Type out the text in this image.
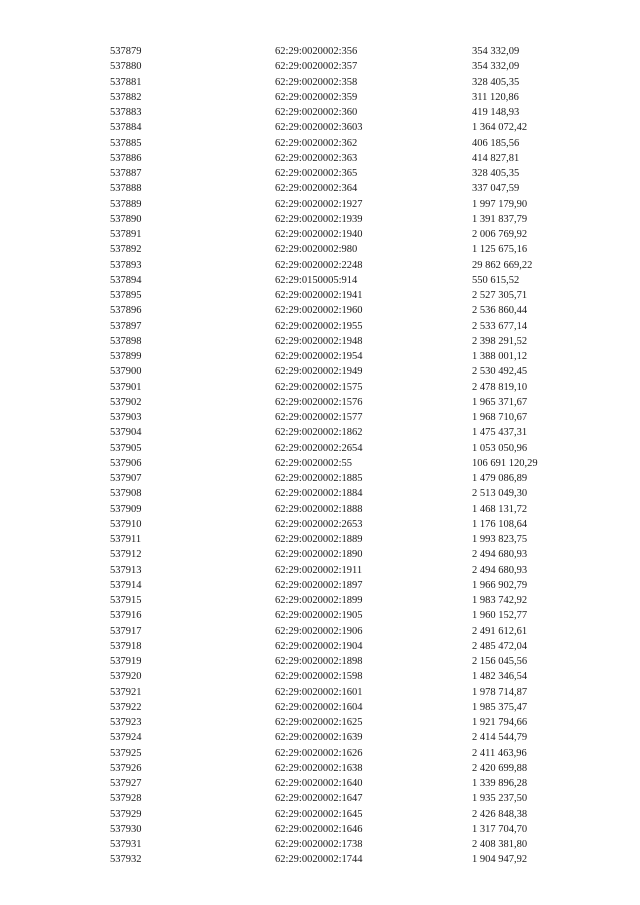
537879	62:29:0020002:356	354 332,09
537880	62:29:0020002:357	354 332,09
537881	62:29:0020002:358	328 405,35
537882	62:29:0020002:359	311 120,86
537883	62:29:0020002:360	419 148,93
537884	62:29:0020002:3603	1 364 072,42
537885	62:29:0020002:362	406 185,56
537886	62:29:0020002:363	414 827,81
537887	62:29:0020002:365	328 405,35
537888	62:29:0020002:364	337 047,59
537889	62:29:0020002:1927	1 997 179,90
537890	62:29:0020002:1939	1 391 837,79
537891	62:29:0020002:1940	2 006 769,92
537892	62:29:0020002:980	1 125 675,16
537893	62:29:0020002:2248	29 862 669,22
537894	62:29:0150005:914	550 615,52
537895	62:29:0020002:1941	2 527 305,71
537896	62:29:0020002:1960	2 536 860,44
537897	62:29:0020002:1955	2 533 677,14
537898	62:29:0020002:1948	2 398 291,52
537899	62:29:0020002:1954	1 388 001,12
537900	62:29:0020002:1949	2 530 492,45
537901	62:29:0020002:1575	2 478 819,10
537902	62:29:0020002:1576	1 965 371,67
537903	62:29:0020002:1577	1 968 710,67
537904	62:29:0020002:1862	1 475 437,31
537905	62:29:0020002:2654	1 053 050,96
537906	62:29:0020002:55	106 691 120,29
537907	62:29:0020002:1885	1 479 086,89
537908	62:29:0020002:1884	2 513 049,30
537909	62:29:0020002:1888	1 468 131,72
537910	62:29:0020002:2653	1 176 108,64
537911	62:29:0020002:1889	1 993 823,75
537912	62:29:0020002:1890	2 494 680,93
537913	62:29:0020002:1911	2 494 680,93
537914	62:29:0020002:1897	1 966 902,79
537915	62:29:0020002:1899	1 983 742,92
537916	62:29:0020002:1905	1 960 152,77
537917	62:29:0020002:1906	2 491 612,61
537918	62:29:0020002:1904	2 485 472,04
537919	62:29:0020002:1898	2 156 045,56
537920	62:29:0020002:1598	1 482 346,54
537921	62:29:0020002:1601	1 978 714,87
537922	62:29:0020002:1604	1 985 375,47
537923	62:29:0020002:1625	1 921 794,66
537924	62:29:0020002:1639	2 414 544,79
537925	62:29:0020002:1626	2 411 463,96
537926	62:29:0020002:1638	2 420 699,88
537927	62:29:0020002:1640	1 339 896,28
537928	62:29:0020002:1647	1 935 237,50
537929	62:29:0020002:1645	2 426 848,38
537930	62:29:0020002:1646	1 317 704,70
537931	62:29:0020002:1738	2 408 381,80
537932	62:29:0020002:1744	1 904 947,92
